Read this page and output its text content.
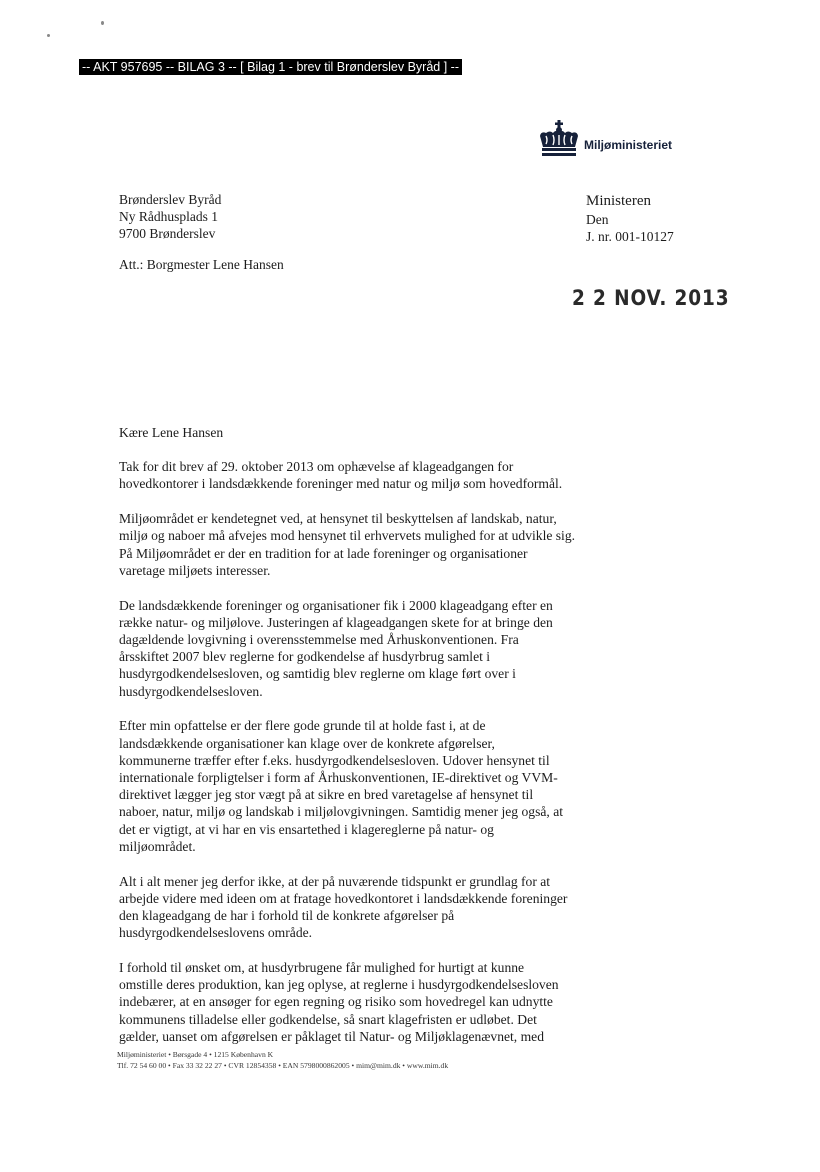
-- AKT 957695 -- BILAG 3 -- [ Bilag 1 - brev til Brønderslev Byråd ] --
Miljøministeriet
Brønderslev Byråd
Ny Rådhusplads 1
9700 Brønderslev
Att.: Borgmester Lene Hansen
Ministeren
Den
J. nr. 001-10127
2 2 NOV. 2013

Kære Lene Hansen

Tak for dit brev af 29. oktober 2013 om ophævelse af klageadgangen for
hovedkontorer i landsdækkende foreninger med natur og miljø som hovedformål.

Miljøområdet er kendetegnet ved, at hensynet til beskyttelsen af landskab, natur,
miljø og naboer må afvejes mod hensynet til erhvervets mulighed for at udvikle sig.
På Miljøområdet er der en tradition for at lade foreninger og organisationer
varetage miljøets interesser.

De landsdækkende foreninger og organisationer fik i 2000 klageadgang efter en
række natur- og miljølove. Justeringen af klageadgangen skete for at bringe den
dagældende lovgivning i overensstemmelse med Århuskonventionen. Fra
årsskiftet 2007 blev reglerne for godkendelse af husdyrbrug samlet i
husdyrgodkendelsesloven, og samtidig blev reglerne om klage ført over i
husdyrgodkendelsesloven.

Efter min opfattelse er der flere gode grunde til at holde fast i, at de
landsdækkende organisationer kan klage over de konkrete afgørelser,
kommunerne træffer efter f.eks. husdyrgodkendelsesloven. Udover hensynet til
internationale forpligtelser i form af Århuskonventionen, IE-direktivet og VVM-
direktivet lægger jeg stor vægt på at sikre en bred varetagelse af hensynet til
naboer, natur, miljø og landskab i miljølovgivningen. Samtidig mener jeg også, at
det er vigtigt, at vi har en vis ensartethed i klagereglerne på natur- og
miljøområdet.

Alt i alt mener jeg derfor ikke, at der på nuværende tidspunkt er grundlag for at
arbejde videre med ideen om at fratage hovedkontoret i landsdækkende foreninger
den klageadgang de har i forhold til de konkrete afgørelser på
husdyrgodkendelseslovens område.

I forhold til ønsket om, at husdyrbrugene får mulighed for hurtigt at kunne
omstille deres produktion, kan jeg oplyse, at reglerne i husdyrgodkendelsesloven
indebærer, at en ansøger for egen regning og risiko som hovedregel kan udnytte
kommunens tilladelse eller godkendelse, så snart klagefristen er udløbet. Det
gælder, uanset om afgørelsen er påklaget til Natur- og Miljøklagenævnet, med

Miljøministeriet • Børsgade 4 • 1215 København K
Tlf. 72 54 60 00 • Fax 33 32 22 27 • CVR 12854358 • EAN 5798000862005 • mim@mim.dk • www.mim.dk
